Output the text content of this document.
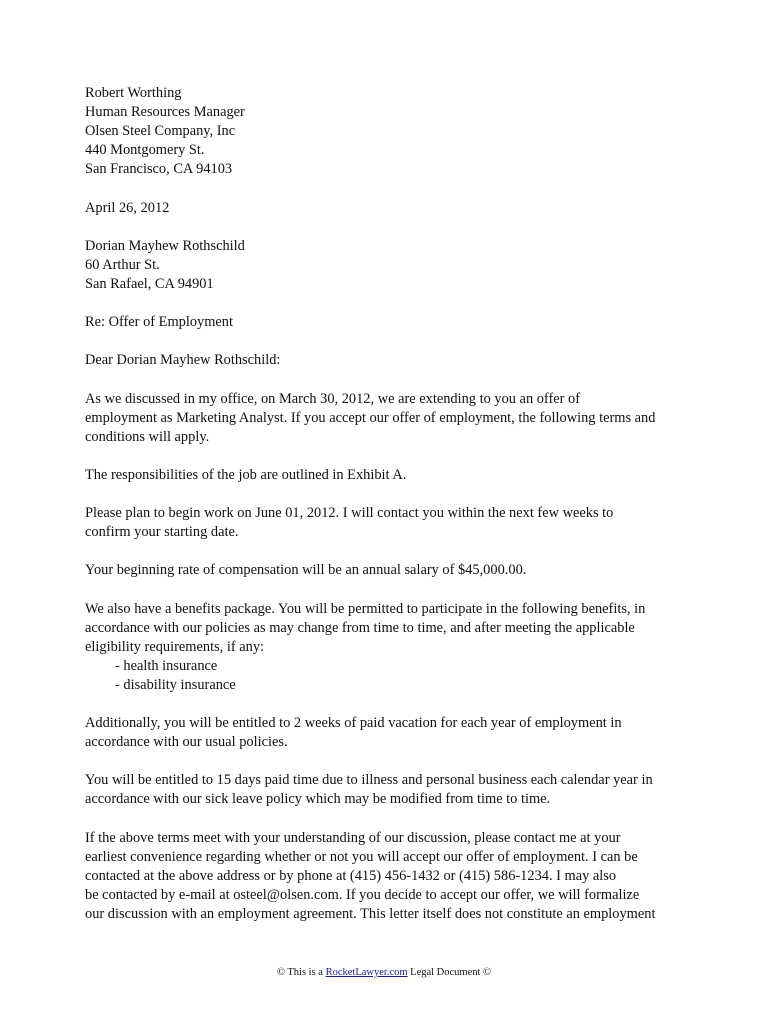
Robert Worthing
Human Resources Manager
Olsen Steel Company, Inc
440 Montgomery St.
San Francisco, CA 94103
April 26, 2012
Dorian Mayhew Rothschild
60 Arthur St.
San Rafael, CA 94901
Re: Offer of Employment
Dear Dorian Mayhew Rothschild:
As we discussed in my office, on March 30, 2012, we are extending to you an offer of
employment as Marketing Analyst. If you accept our offer of employment, the following terms and
conditions will apply.
The responsibilities of the job are outlined in Exhibit A.
Please plan to begin work on June 01, 2012. I will contact you within the next few weeks to
confirm your starting date.
Your beginning rate of compensation will be an annual salary of $45,000.00.
We also have a benefits package. You will be permitted to participate in the following benefits, in
accordance with our policies as may change from time to time, and after meeting the applicable
eligibility requirements, if any:
- health insurance
- disability insurance
Additionally, you will be entitled to 2 weeks of paid vacation for each year of employment in
accordance with our usual policies.
You will be entitled to 15 days paid time due to illness and personal business each calendar year in
accordance with our sick leave policy which may be modified from time to time.
If the above terms meet with your understanding of our discussion, please contact me at your
earliest convenience regarding whether or not you will accept our offer of employment. I can be
contacted at the above address or by phone at (415) 456-1432 or (415) 586-1234. I may also
be contacted by e-mail at osteel@olsen.com. If you decide to accept our offer, we will formalize
our discussion with an employment agreement. This letter itself does not constitute an employment
© This is a RocketLawyer.com Legal Document ©
